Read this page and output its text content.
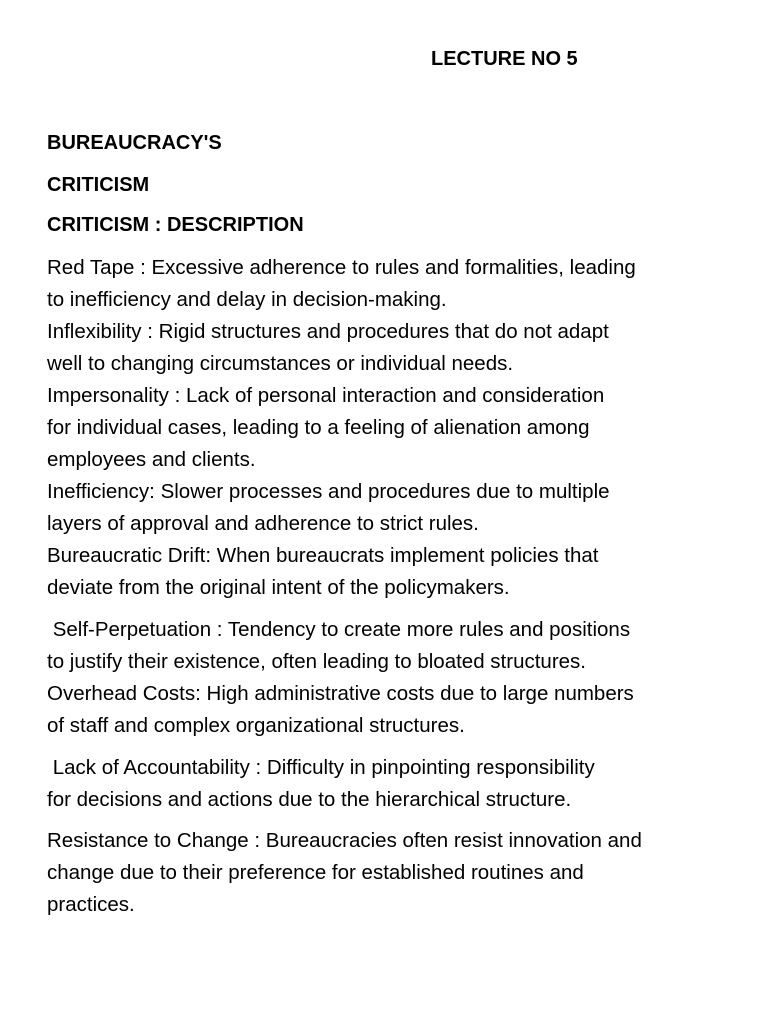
LECTURE NO 5
BUREAUCRACY'S
CRITICISM
CRITICISM : DESCRIPTION

Red Tape : Excessive adherence to rules and formalities, leading
to inefficiency and delay in decision-making.
Inflexibility : Rigid structures and procedures that do not adapt
well to changing circumstances or individual needs.
Impersonality : Lack of personal interaction and consideration
for individual cases, leading to a feeling of alienation among
employees and clients.
Inefficiency: Slower processes and procedures due to multiple
layers of approval and adherence to strict rules.
Bureaucratic Drift: When bureaucrats implement policies that
deviate from the original intent of the policymakers.

Self-Perpetuation : Tendency to create more rules and positions
to justify their existence, often leading to bloated structures.
Overhead Costs: High administrative costs due to large numbers
of staff and complex organizational structures.

Lack of Accountability : Difficulty in pinpointing responsibility
for decisions and actions due to the hierarchical structure.

Resistance to Change : Bureaucracies often resist innovation and
change due to their preference for established routines and
practices.
